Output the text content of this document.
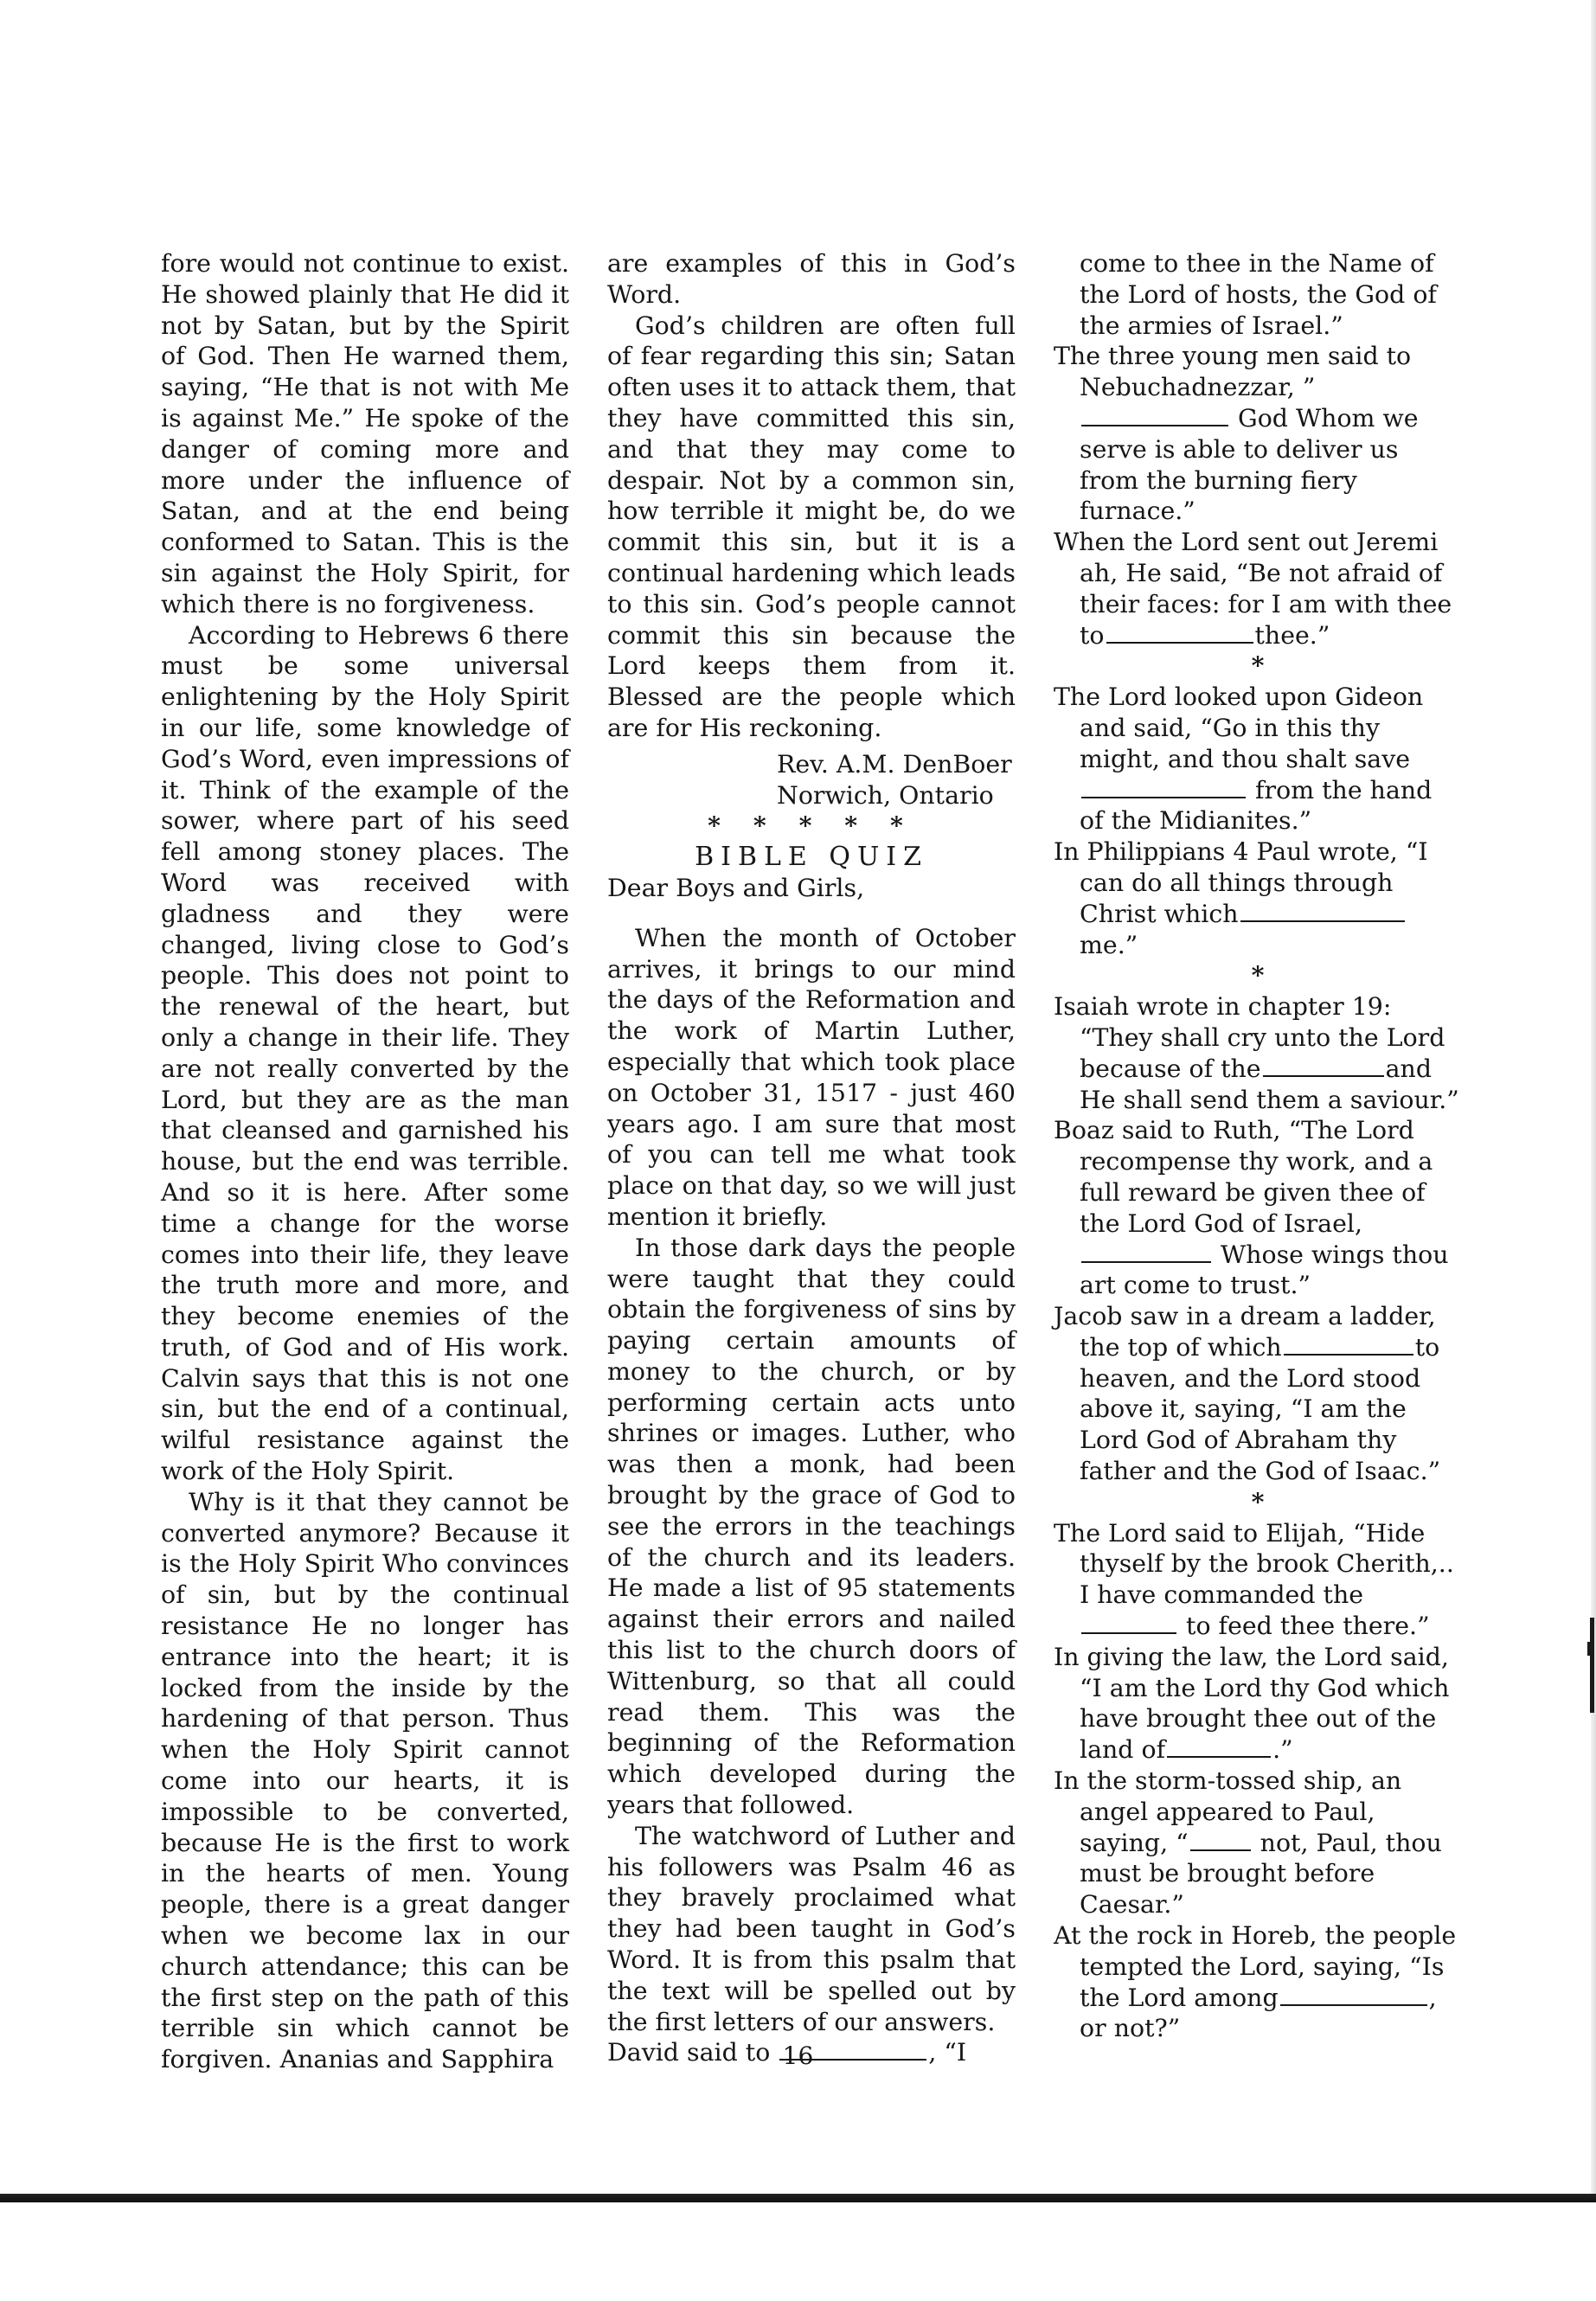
fore would not continue to exist. He showed plainly that He did it not by Satan, but by the Spirit of God. Then He warned them, saying, “He that is not with Me is against Me.” He spoke of the danger of coming more and more under the influence of Satan, and at the end being conformed to Satan. This is the sin against the Holy Spirit, for which there is no forgiveness.

According to Hebrews 6 there must be some universal enlightening by the Holy Spirit in our life, some knowledge of God’s Word, even impressions of it. Think of the example of the sower, where part of his seed fell among stoney places. The Word was received with gladness and they were changed, living close to God’s people. This does not point to the renewal of the heart, but only a change in their life. They are not really converted by the Lord, but they are as the man that cleansed and garnished his house, but the end was terrible. And so it is here. After some time a change for the worse comes into their life, they leave the truth more and more, and they become enemies of the truth, of God and of His work. Calvin says that this is not one sin, but the end of a continual, wilful resistance against the work of the Holy Spirit.

Why is it that they cannot be converted anymore? Because it is the Holy Spirit Who convinces of sin, but by the continual resistance He no longer has entrance into the heart; it is locked from the inside by the hardening of that person. Thus when the Holy Spirit cannot come into our hearts, it is impossible to be converted, because He is the first to work in the hearts of men. Young people, there is a great danger when we become lax in our church attendance; this can be the first step on the path of this terrible sin which cannot be forgiven. Ananias and Sapphira

are examples of this in God’s Word.

God’s children are often full of fear regarding this sin; Satan often uses it to attack them, that they have committed this sin, and that they may come to despair. Not by a common sin, how terrible it might be, do we commit this sin, but it is a continual hardening which leads to this sin. God’s people cannot commit this sin because the Lord keeps them from it. Blessed are the people which are for His reckoning.

Rev. A.M. DenBoer

Norwich, Ontario

* * * * *

BIBLE QUIZ

Dear Boys and Girls,

When the month of October arrives, it brings to our mind the days of the Reformation and the work of Martin Luther, especially that which took place on October 31, 1517 - just 460 years ago. I am sure that most of you can tell me what took place on that day, so we will just mention it briefly.

In those dark days the people were taught that they could obtain the forgiveness of sins by paying certain amounts of money to the church, or by performing certain acts unto shrines or images. Luther, who was then a monk, had been brought by the grace of God to see the errors in the teachings of the church and its leaders. He made a list of 95 statements against their errors and nailed this list to the church doors of Wittenburg, so that all could read them. This was the beginning of the Reformation which developed during the years that followed.

The watchword of Luther and his followers was Psalm 46 as they bravely proclaimed what they had been taught in God’s Word. It is from this psalm that the text will be spelled out by the first letters of our answers.

David said to	, “I

come to thee in the Name of the Lord of hosts, the God of the armies of Israel.”

The three young men said to Nebuchadnezzar, ” God Whom we serve is able to deliver us from the burning fiery furnace.”

When the Lord sent out Jeremi ah, He said, “Be not afraid of their faces: for I am with thee to	thee.”

*

The Lord looked upon Gideon and said, “Go in this thy might, and thou shalt save from the hand of the Midianites.”

In Philippians 4 Paul wrote, “I can do all things through Christ whichme.”

*

Isaiah wrote in chapter 19: “They shall cry unto the Lord because of the	and He shall send them a saviour.”

Boaz said to Ruth, “The Lord recompense thy work, and a full reward be given thee of the Lord God of Israel, Whose wings thou art come to trust.”

Jacob saw in a dream a ladder, the top of which	to heaven, and the Lord stood above it, saying, “I am the Lord God of Abraham thy father and the God of Isaac.”

*

The Lord said to Elijah, “Hide thyself by the brook Cherith,.. I have commanded the to feed thee there.”

In giving the law, the Lord said, “I am the Lord thy God which have brought thee out of the land of	.”

In the storm-tossed ship, an angel appeared to Paul, saying, “	not, Paul, thou must be brought before Caesar.”

At the rock in Horeb, the people tempted the Lord, saying, “Is the Lord among	, or not?”

16
